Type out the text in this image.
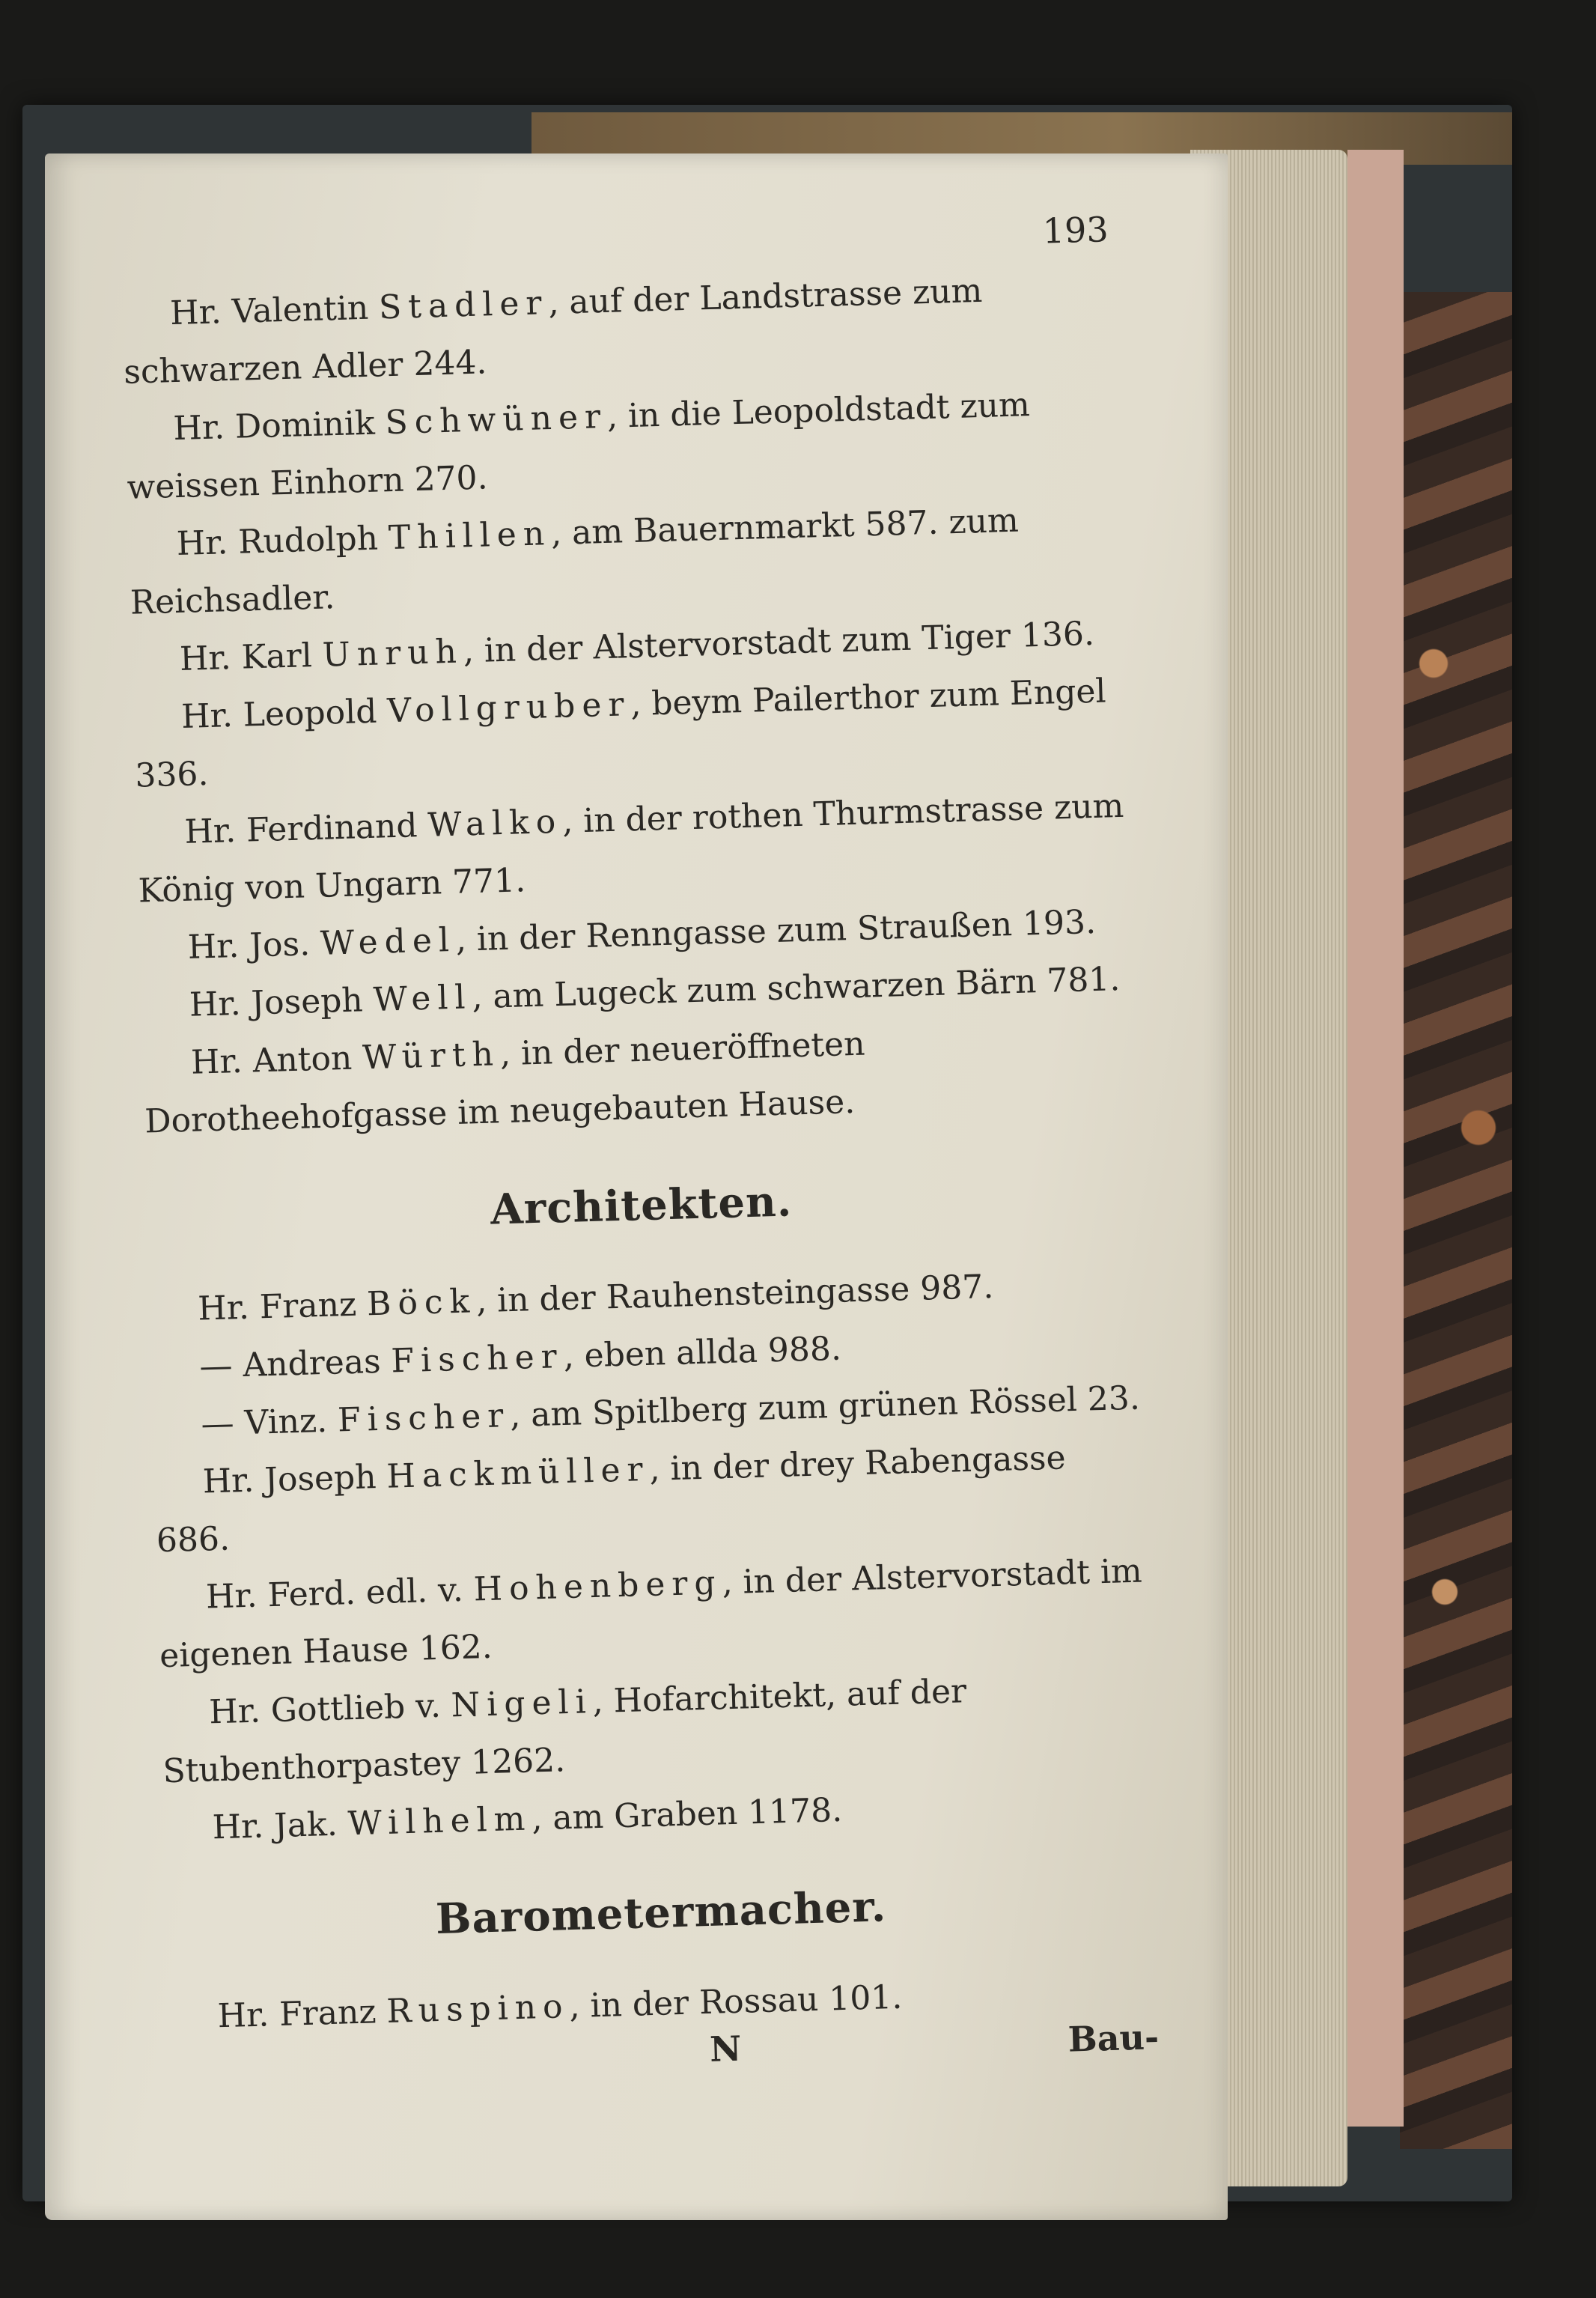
193

Hr. Valentin Stadler, auf der Landstrasse zum schwarzen Adler 244.

Hr. Dominik Schwüner, in die Leopoldstadt zum weissen Einhorn 270.

Hr. Rudolph Thillen, am Bauernmarkt 587. zum Reichsadler.

Hr. Karl Unruh, in der Alstervorstadt zum Tiger 136.

Hr. Leopold Vollgruber, beym Pailerthor zum Engel 336.

Hr. Ferdinand Walko, in der rothen Thurmstrasse zum König von Ungarn 771.

Hr. Jos. Wedel, in der Renngasse zum Straußen 193.

Hr. Joseph Well, am Lugeck zum schwarzen Bärn 781.

Hr. Anton Würth, in der neueröffneten Dorotheehofgasse im neugebauten Hause.

Architekten.

Hr. Franz Böck, in der Rauhensteingasse 987.

— Andreas Fischer, eben allda 988.

— Vinz. Fischer, am Spitlberg zum grünen Rössel 23.

Hr. Joseph Hackmüller, in der drey Rabengasse 686.

Hr. Ferd. edl. v. Hohenberg, in der Alstervorstadt im eigenen Hause 162.

Hr. Gottlieb v. Nigeli, Hofarchitekt, auf der Stubenthorpastey 1262.

Hr. Jak. Wilhelm, am Graben 1178.

Barometermacher.

Hr. Franz Ruspino, in der Rossau 101.

N	Bau-
